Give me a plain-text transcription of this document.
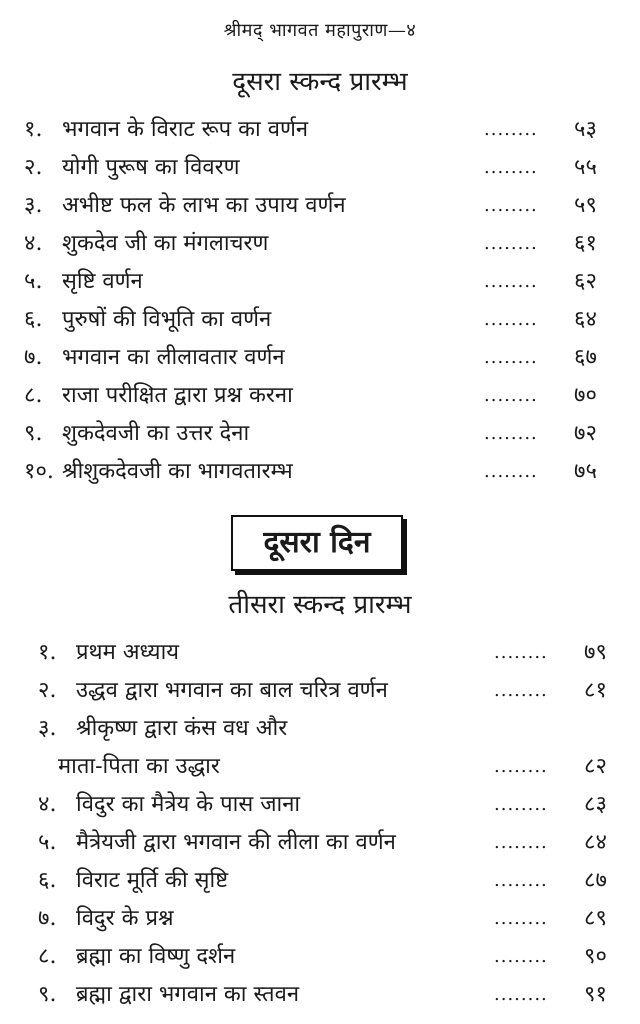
श्रीमद् भागवत महापुराण—४
दूसरा स्कन्द प्रारम्भ
१. भगवान के विराट रूप का वर्णन	........ ५३
२. योगी पुरूष का विवरण	........ ५५
३. अभीष्ट फल के लाभ का उपाय वर्णन	........ ५९
४. शुकदेव जी का मंगलाचरण	........ ६१
५. सृष्टि वर्णन	........ ६२
६. पुरुषों की विभूति का वर्णन	........ ६४
७. भगवान का लीलावतार वर्णन	........ ६७
८. राजा परीक्षित द्वारा प्रश्न करना	........ ७०
९. शुकदेवजी का उत्तर देना	........ ७२
१०. श्रीशुकदेवजी का भागवतारम्भ	........ ७५
दूसरा दिन
तीसरा स्कन्द प्रारम्भ
१. प्रथम अध्याय	........ ७९
२. उद्धव द्वारा भगवान का बाल चरित्र वर्णन	........ ८१
३. श्रीकृष्ण द्वारा कंस वध और
माता-पिता का उद्धार	........ ८२
४. विदुर का मैत्रेय के पास जाना	........ ८३
५. मैत्रेयजी द्वारा भगवान की लीला का वर्णन	........ ८४
६. विराट मूर्ति की सृष्टि	........ ८७
७. विदुर के प्रश्न	........ ८९
८. ब्रह्मा का विष्णु दर्शन	........ ९०
९. ब्रह्मा द्वारा भगवान का स्तवन	........ ९१
